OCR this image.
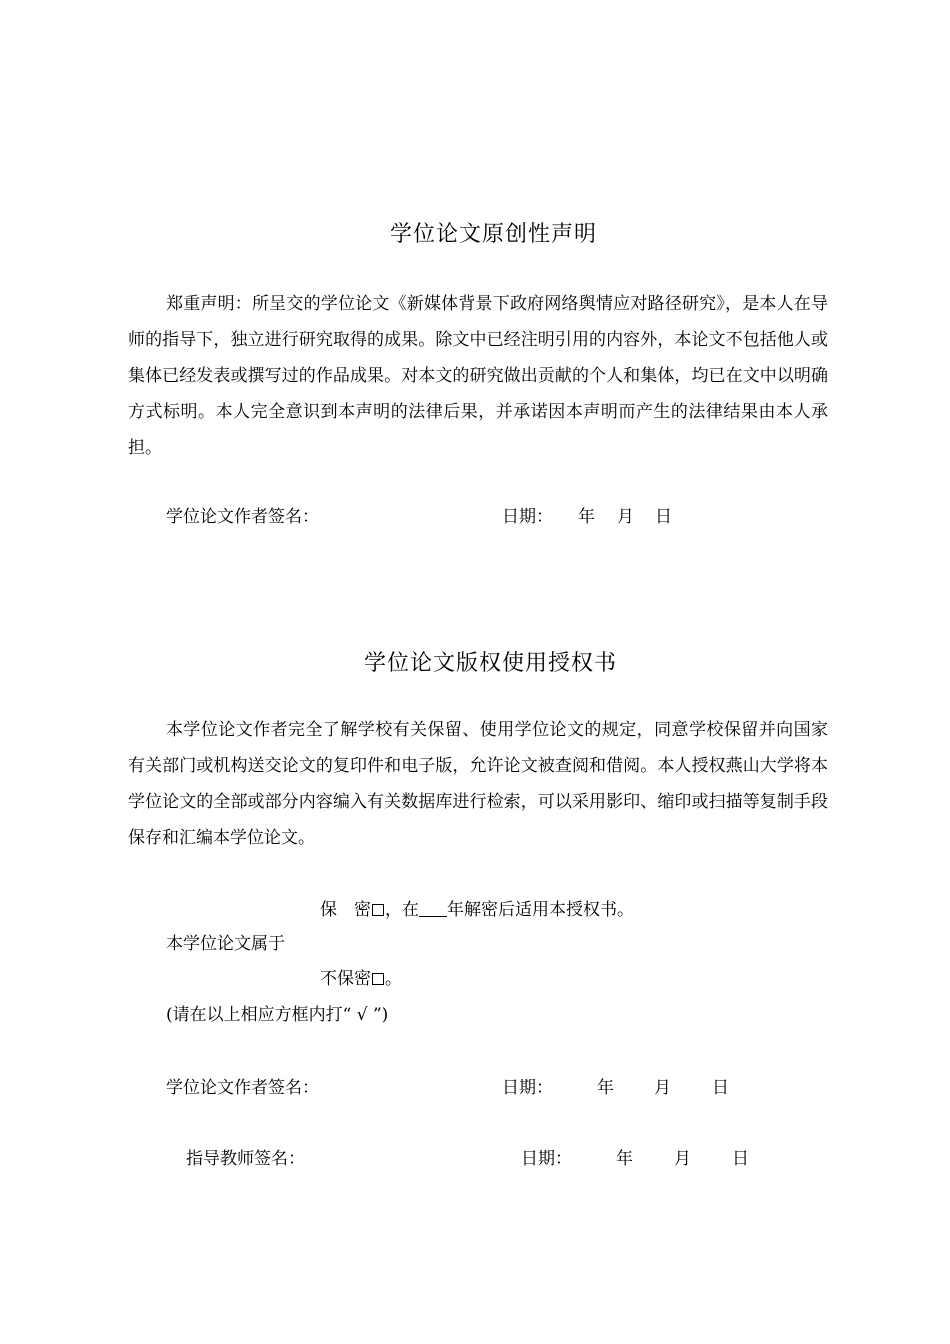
学位论文原创性声明
郑重声明：所呈交的学位论文《新媒体背景下政府网络舆情应对路径研究》，是本人在导师的指导下，独立进行研究取得的成果。除文中已经注明引用的内容外，本论文不包括他人或集体已经发表或撰写过的作品成果。对本文的研究做出贡献的个人和集体，均已在文中以明确方式标明。本人完全意识到本声明的法律后果，并承诺因本声明而产生的法律结果由本人承担。
学位论文作者签名：	日期： 年 月 日
学位论文版权使用授权书
本学位论文作者完全了解学校有关保留、使用学位论文的规定，同意学校保留并向国家有关部门或机构送交论文的复印件和电子版，允许论文被查阅和借阅。本人授权燕山大学将本学位论文的全部或部分内容编入有关数据库进行检索，可以采用影印、缩印或扫描等复制手段保存和汇编本学位论文。
保　密 ，在 年解密后适用本授权书。
本学位论文属于
不保密 。
(请在以上相应方框内打“ √ ”)
学位论文作者签名：	日期：	年 月 日
指导教师签名：	日期：	年 月 日
